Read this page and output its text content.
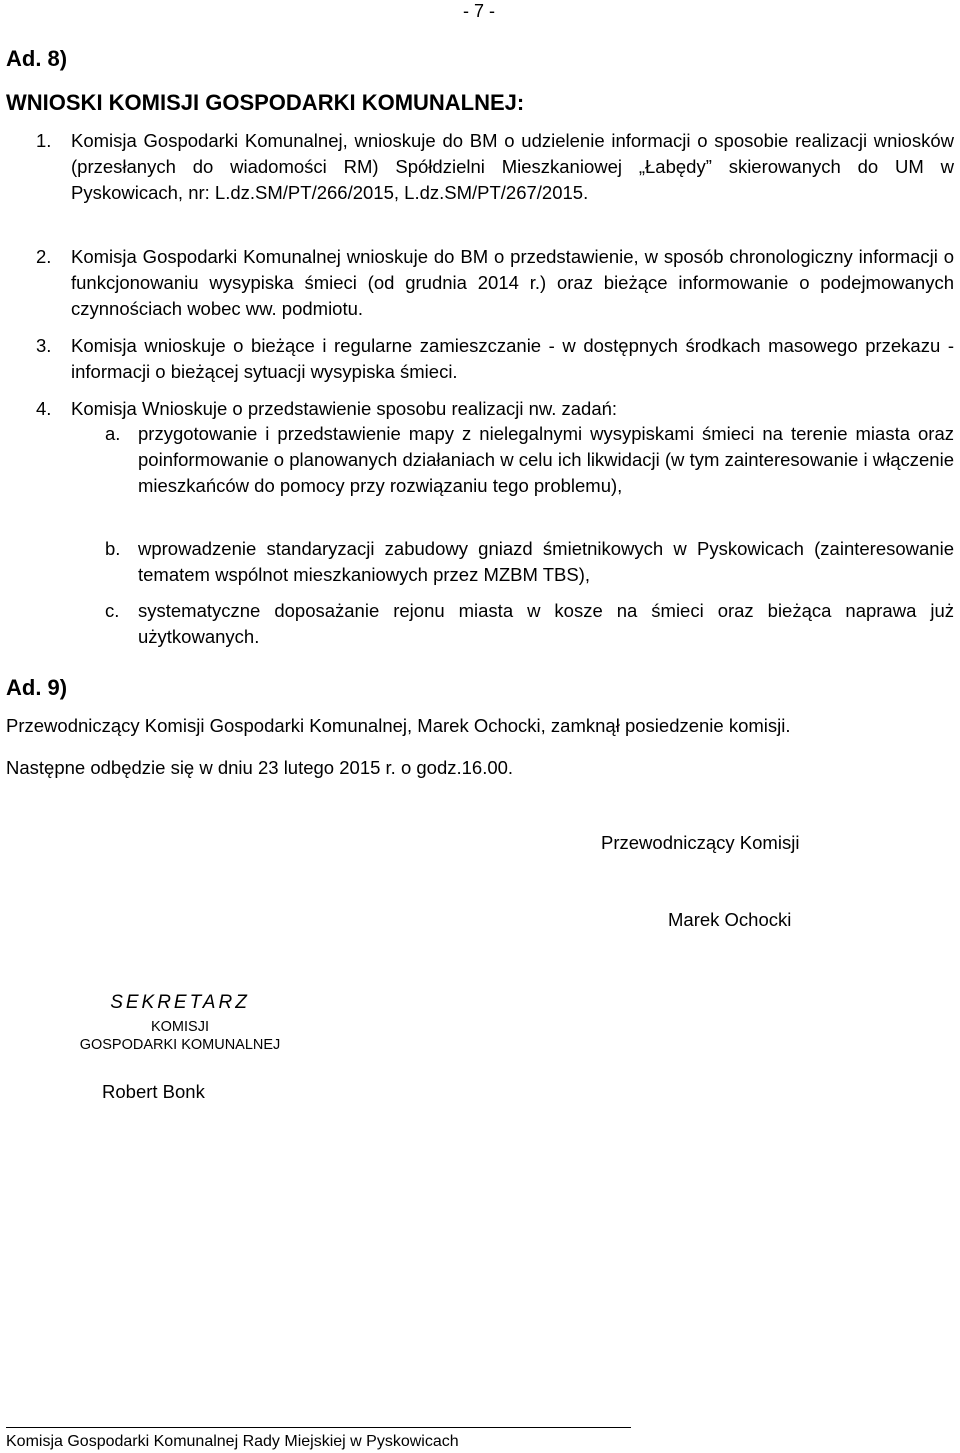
- 7 -
Ad. 8)
WNIOSKI KOMISJI GOSPODARKI KOMUNALNEJ:
1.	Komisja Gospodarki Komunalnej, wnioskuje do BM o udzielenie informacji o sposobie realizacji wniosków (przesłanych do wiadomości RM) Spółdzielni Mieszkaniowej „Łabędy” skierowanych do UM w Pyskowicach, nr: L.dz.SM/PT/266/2015, L.dz.SM/PT/267/2015.
2.	Komisja Gospodarki Komunalnej wnioskuje do BM o przedstawienie, w sposób chronologiczny informacji o funkcjonowaniu wysypiska śmieci (od grudnia 2014 r.) oraz bieżące informowanie o podejmowanych czynnościach wobec ww. podmiotu.
3.	Komisja wnioskuje o bieżące i regularne zamieszczanie - w dostępnych środkach masowego przekazu - informacji o bieżącej sytuacji wysypiska śmieci.
4.	Komisja Wnioskuje o przedstawienie sposobu realizacji nw. zadań:
a. przygotowanie i przedstawienie mapy z nielegalnymi wysypiskami śmieci na terenie miasta oraz poinformowanie o planowanych działaniach w celu ich likwidacji (w tym zainteresowanie i włączenie mieszkańców do pomocy przy rozwiązaniu tego problemu),
b. wprowadzenie standaryzacji zabudowy gniazd śmietnikowych w Pyskowicach (zainteresowanie tematem wspólnot mieszkaniowych przez MZBM TBS),
c.	systematyczne doposażanie rejonu miasta w kosze na śmieci oraz bieżąca naprawa już użytkowanych.
Ad. 9)
Przewodniczący Komisji Gospodarki Komunalnej, Marek Ochocki, zamknął posiedzenie komisji.
Następne odbędzie się w dniu 23 lutego 2015 r. o godz.16.00.
Przewodniczący Komisji
Marek Ochocki
SEKRETARZ
KOMISJI
GOSPODARKI KOMUNALNEJ
Robert Bonk
Komisja Gospodarki Komunalnej Rady Miejskiej w Pyskowicach
